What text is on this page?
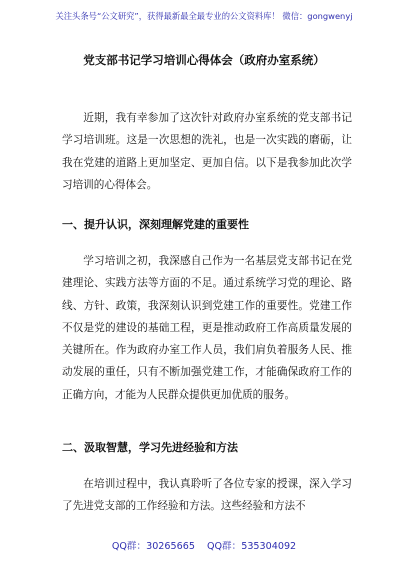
关注头条号“公文研究”，获得最新最全最专业的公文资料库！ 微信：gongwenyj
党支部书记学习培训心得体会（政府办室系统）

近期，我有幸参加了这次针对政府办室系统的党支部书记学习培训班。这是一次思想的洗礼，也是一次实践的磨砺，让我在党建的道路上更加坚定、更加自信。以下是我参加此次学习培训的心得体会。

一、提升认识，深刻理解党建的重要性

学习培训之初，我深感自己作为一名基层党支部书记在党建理论、实践方法等方面的不足。通过系统学习党的理论、路线、方针、政策，我深刻认识到党建工作的重要性。党建工作不仅是党的建设的基础工程，更是推动政府工作高质量发展的关键所在。作为政府办室工作人员，我们肩负着服务人民、推动发展的重任，只有不断加强党建工作，才能确保政府工作的正确方向，才能为人民群众提供更加优质的服务。

二、汲取智慧，学习先进经验和方法

在培训过程中，我认真聆听了各位专家的授课，深入学习了先进党支部的工作经验和方法。这些经验和方法不

QQ群：30265665 QQ群：535304092
